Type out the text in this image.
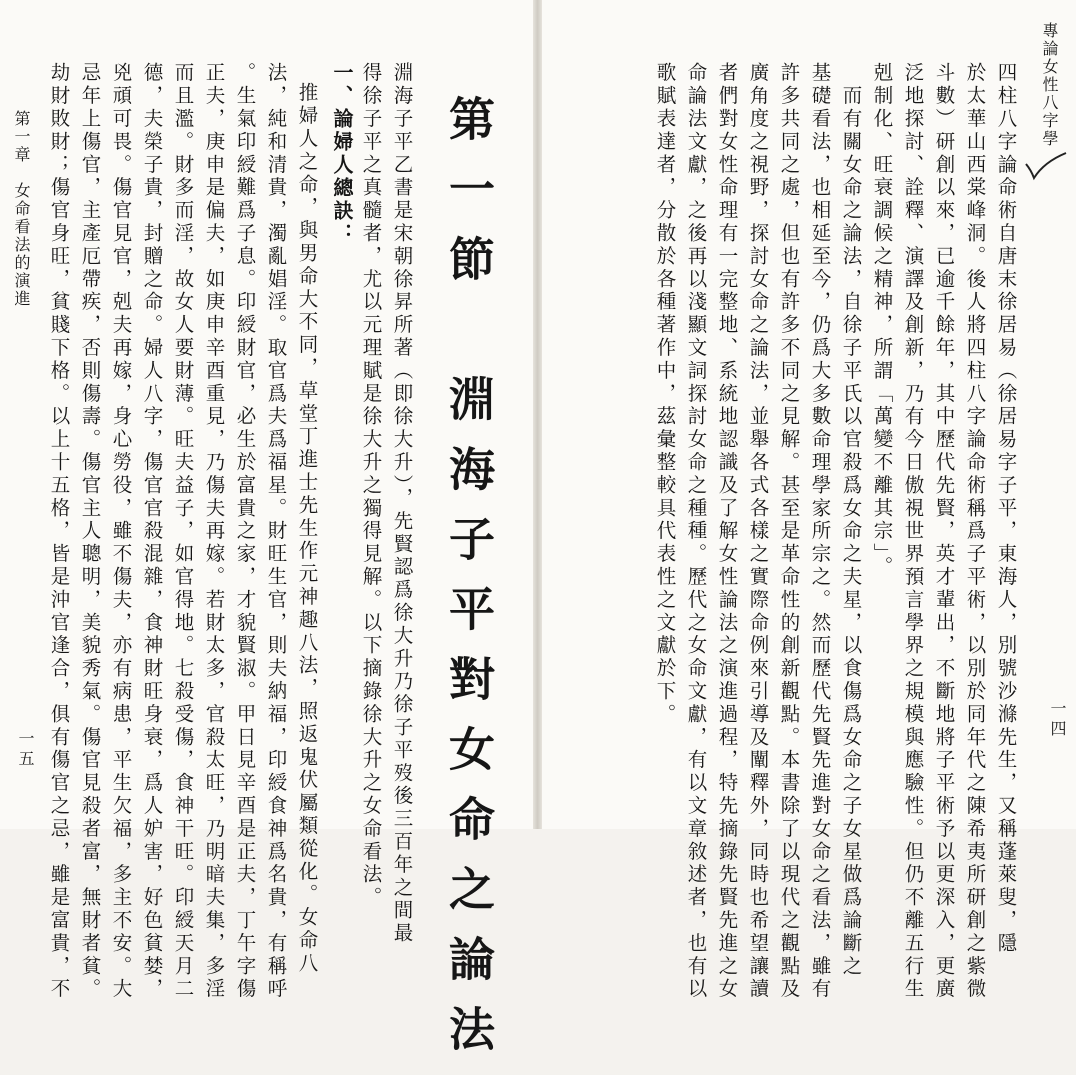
專論女性八字學
一四
四柱八字論命術自唐末徐居易（徐居易字子平，東海人，別號沙滌先生，又稱蓬萊叟，隱
於太華山西棠峰洞。後人將四柱八字論命術稱爲子平術，以別於同年代之陳希夷所研創之紫微
斗數）研創以來，已逾千餘年，其中歷代先賢，英才輩出，不斷地將子平術予以更深入，更廣
泛地探討、詮釋、演譯及創新，乃有今日傲視世界預言學界之規模與應驗性。但仍不離五行生
剋制化、旺衰調候之精神，所謂「萬變不離其宗」。
　而有關女命之論法，自徐子平氏以官殺爲女命之夫星，以食傷爲女命之子女星做爲論斷之
基礎看法，也相延至今，仍爲大多數命理學家所宗之。然而歷代先賢先進對女命之看法，雖有
許多共同之處，但也有許多不同之見解。甚至是革命性的創新觀點。本書除了以現代之觀點及
廣角度之視野，探討女命之論法，並舉各式各樣之實際命例來引導及闡釋外，同時也希望讓讀
者們對女性命理有一完整地、系統地認識及了解女性論法之演進過程，特先摘錄先賢先進之女
命論法文獻，之後再以淺顯文詞探討女命之種種。歷代之女命文獻，有以文章敘述者，也有以
歌賦表達者，分散於各種著作中，茲彙整較具代表性之文獻於下。
第一節　淵海子平對女命之論法
淵海子平乙書是宋朝徐昇所著（即徐大升），先賢認爲徐大升乃徐子平歿後三百年之間最
得徐子平之真髓者，尤以元理賦是徐大升之獨得見解。以下摘錄徐大升之女命看法。
一、論婦人總訣：
推婦人之命，與男命大不同，草堂丁進士先生作元神趣八法，照返鬼伏屬類從化。女命八
法，純和清貴，濁亂娼淫。取官爲夫爲福星。財旺生官，則夫納福，印綬食神爲名貴，有稱呼
。生氣印綬難爲子息。印綬財官，必生於富貴之家，才貌賢淑。甲日見辛酉是正夫，丁午字傷
正夫，庚申是偏夫，如庚申辛酉重見，乃傷夫再嫁。若財太多，官殺太旺，乃明暗夫集，多淫
而且濫。財多而淫，故女人要財薄。旺夫益子，如官得地。七殺受傷，食神干旺。印綬天月二
德，夫榮子貴，封贈之命。婦人八字，傷官官殺混雜，食神財旺身衰，爲人妒害，好色貧婪，
兇頑可畏。傷官見官，剋夫再嫁，身心勞役，雖不傷夫，亦有病患，平生欠福，多主不安。大
忌年上傷官，主產厄帶疾，否則傷壽。傷官主人聰明，美貌秀氣。傷官見殺者富，無財者貧。
劫財敗財；傷官身旺，貧賤下格。以上十五格，皆是沖官逢合，俱有傷官之忌，雖是富貴，不
第一章　女命看法的演進
一五
